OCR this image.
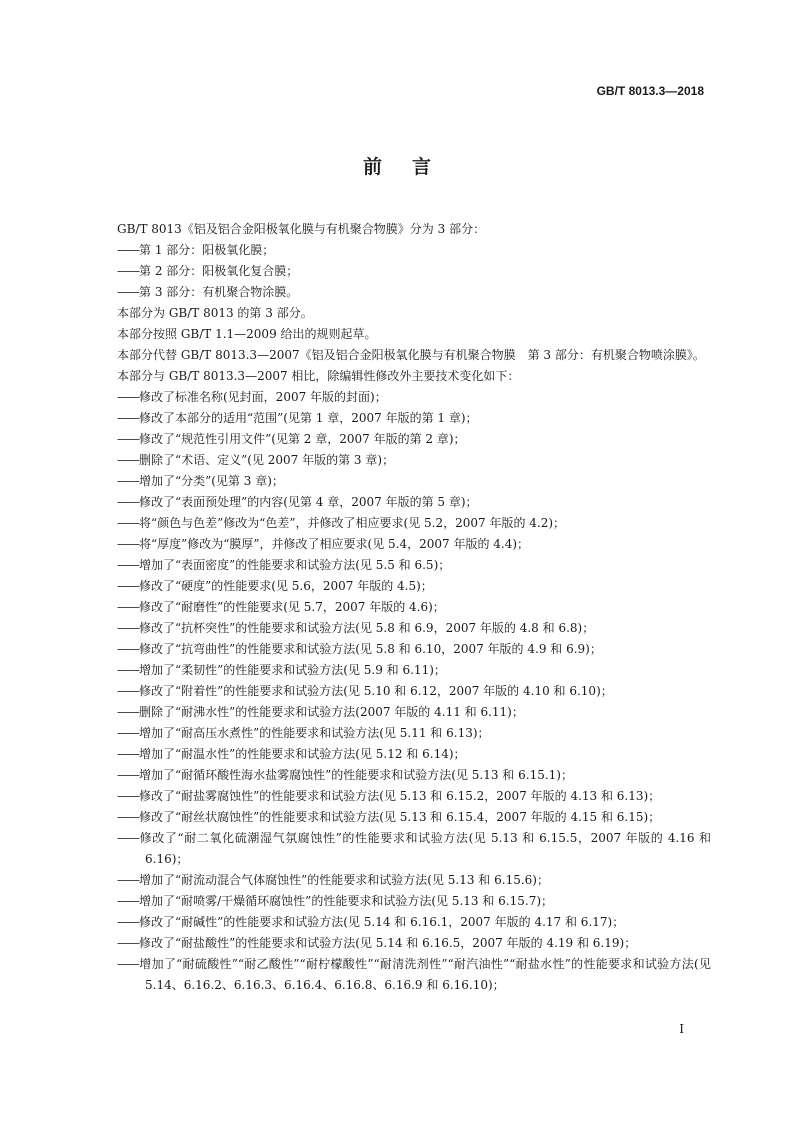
GB/T 8013.3—2018
前言

GB/T 8013《铝及铝合金阳极氧化膜与有机聚合物膜》分为 3 部分：

——第 1 部分：阳极氧化膜；

——第 2 部分：阳极氧化复合膜；

——第 3 部分：有机聚合物涂膜。

本部分为 GB/T 8013 的第 3 部分。

本部分按照 GB/T 1.1—2009 给出的规则起草。

本部分代替 GB/T 8013.3—2007《铝及铝合金阳极氧化膜与有机聚合物膜　第 3 部分：有机聚合物喷涂膜》。

本部分与 GB/T 8013.3—2007 相比，除编辑性修改外主要技术变化如下：

——修改了标准名称(见封面，2007 年版的封面)；

——修改了本部分的适用“范围”(见第 1 章，2007 年版的第 1 章)；

——修改了“规范性引用文件”(见第 2 章，2007 年版的第 2 章)；

——删除了“术语、定义”(见 2007 年版的第 3 章)；

——增加了“分类”(见第 3 章)；

——修改了“表面预处理”的内容(见第 4 章，2007 年版的第 5 章)；

——将“颜色与色差”修改为“色差”，并修改了相应要求(见 5.2，2007 年版的 4.2)；

——将“厚度”修改为“膜厚”，并修改了相应要求(见 5.4，2007 年版的 4.4)；

——增加了“表面密度”的性能要求和试验方法(见 5.5 和 6.5)；

——修改了“硬度”的性能要求(见 5.6，2007 年版的 4.5)；

——修改了“耐磨性”的性能要求(见 5.7，2007 年版的 4.6)；

——修改了“抗杯突性”的性能要求和试验方法(见 5.8 和 6.9，2007 年版的 4.8 和 6.8)；

——修改了“抗弯曲性”的性能要求和试验方法(见 5.8 和 6.10，2007 年版的 4.9 和 6.9)；

——增加了“柔韧性”的性能要求和试验方法(见 5.9 和 6.11)；

——修改了“附着性”的性能要求和试验方法(见 5.10 和 6.12，2007 年版的 4.10 和 6.10)；

——删除了“耐沸水性”的性能要求和试验方法(2007 年版的 4.11 和 6.11)；

——增加了“耐高压水煮性”的性能要求和试验方法(见 5.11 和 6.13)；

——增加了“耐温水性”的性能要求和试验方法(见 5.12 和 6.14)；

——增加了“耐循环酸性海水盐雾腐蚀性”的性能要求和试验方法(见 5.13 和 6.15.1)；

——修改了“耐盐雾腐蚀性”的性能要求和试验方法(见 5.13 和 6.15.2，2007 年版的 4.13 和 6.13)；

——修改了“耐丝状腐蚀性”的性能要求和试验方法(见 5.13 和 6.15.4，2007 年版的 4.15 和 6.15)；

——修改了“耐二氧化硫潮湿气氛腐蚀性”的性能要求和试验方法(见 5.13 和 6.15.5，2007 年版的 4.16 和 6.16)；

——增加了“耐流动混合气体腐蚀性”的性能要求和试验方法(见 5.13 和 6.15.6)；

——增加了“耐喷雾/干燥循环腐蚀性”的性能要求和试验方法(见 5.13 和 6.15.7)；

——修改了“耐碱性”的性能要求和试验方法(见 5.14 和 6.16.1，2007 年版的 4.17 和 6.17)；

——修改了“耐盐酸性”的性能要求和试验方法(见 5.14 和 6.16.5，2007 年版的 4.19 和 6.19)；

——增加了“耐硫酸性”“耐乙酸性”“耐柠檬酸性”“耐清洗剂性”“耐汽油性”“耐盐水性”的性能要求和试验方法(见 5.14、6.16.2、6.16.3、6.16.4、6.16.8、6.16.9 和 6.16.10)；

I
